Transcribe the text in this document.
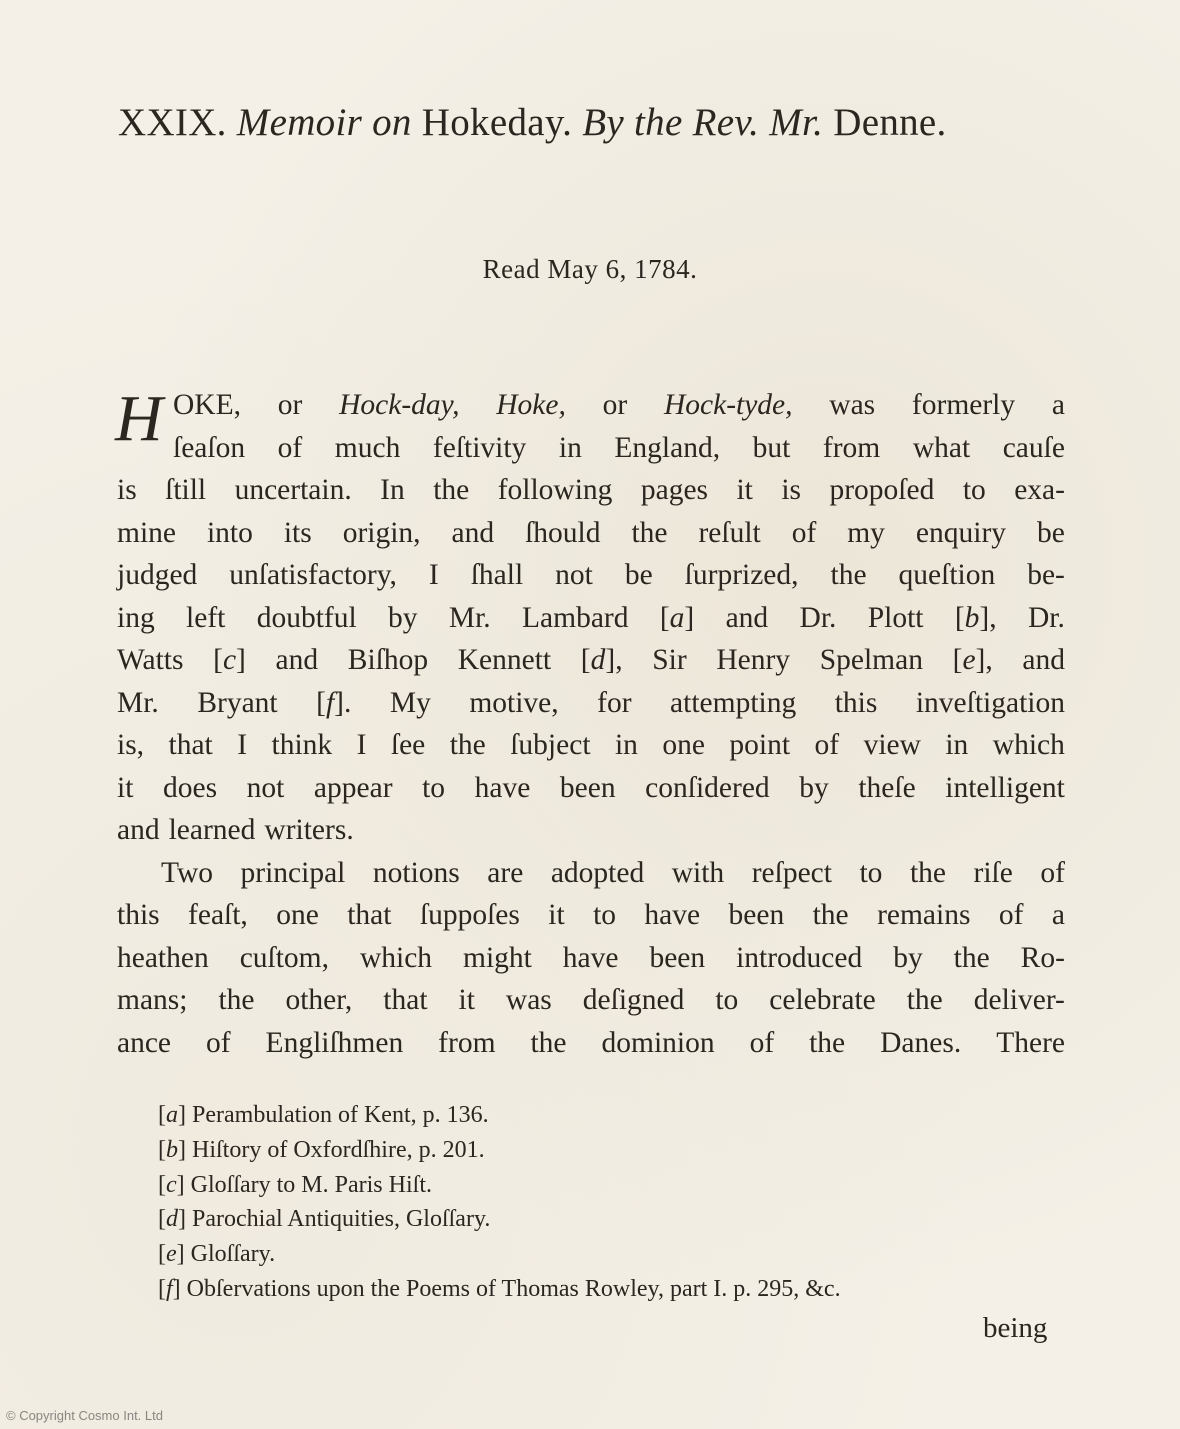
XXIX. Memoir on Hokeday. By the Rev. Mr. Denne.
Read May 6, 1784.
H OKE, or Hock-day, Hoke, or Hock-tyde, was formerly a
ſeaſon of much feſtivity in England, but from what cauſe
is ſtill uncertain. In the following pages it is propoſed to exa-
mine into its origin, and ſhould the reſult of my enquiry be
judged unſatisfactory, I ſhall not be ſurprized, the queſtion be-
ing left doubtful by Mr. Lambard [a] and Dr. Plott [b], Dr.
Watts [c] and Biſhop Kennett [d], Sir Henry Spelman [e], and
Mr. Bryant [f]. My motive, for attempting this inveſtigation
is, that I think I ſee the ſubject in one point of view in which
it does not appear to have been conſidered by theſe intelligent
and learned writers.
Two principal notions are adopted with reſpect to the riſe of
this feaſt, one that ſuppoſes it to have been the remains of a
heathen cuſtom, which might have been introduced by the Ro-
mans; the other, that it was deſigned to celebrate the deliver-
ance of Engliſhmen from the dominion of the Danes. There
[a] Perambulation of Kent, p. 136.
[b] Hiſtory of Oxfordſhire, p. 201.
[c] Gloſſary to M. Paris Hiſt.
[d] Parochial Antiquities, Gloſſary.
[e] Gloſſary.
[f] Obſervations upon the Poems of Thomas Rowley, part I. p. 295, &c.
being
© Copyright Cosmo Int. Ltd
